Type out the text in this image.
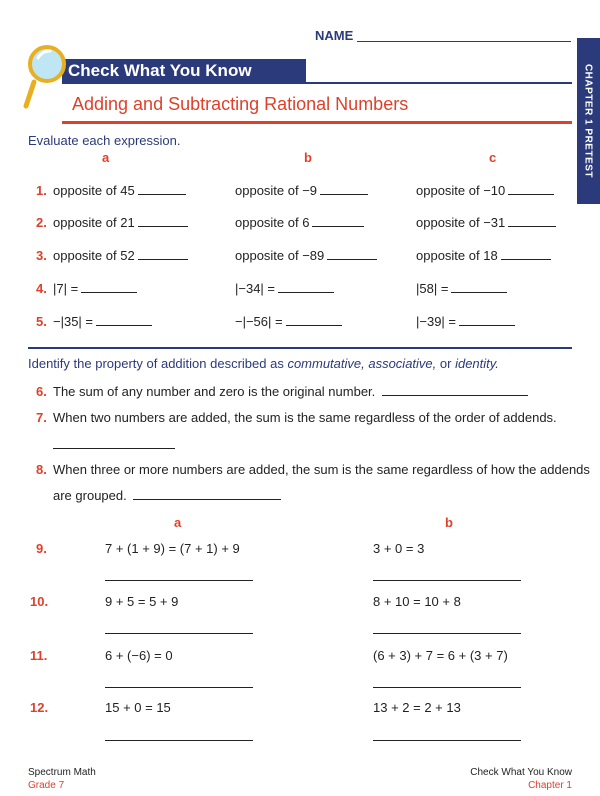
NAME
CHAPTER 1 PRETEST
Check What You Know
Adding and Subtracting Rational Numbers
Evaluate each expression.
a	b	c
1. opposite of 45	opposite of −9	opposite of −10
2. opposite of 21	opposite of 6	opposite of −31
3. opposite of 52	opposite of −89	opposite of 18
4. |7| =	|−34| =	|58| =
5. −|35| =	−|−56| =	|−39| =
Identify the property of addition described as commutative, associative, or identity.
6. The sum of any number and zero is the original number.
7. When two numbers are added, the sum is the same regardless of the order of addends.
8. When three or more numbers are added, the sum is the same regardless of how the addends
are grouped.
a	b
9.	7 + (1 + 9) = (7 + 1) + 9	3 + 0 = 3
10.	9 + 5 = 5 + 9	8 + 10 = 10 + 8
11.	6 + (−6) = 0	(6 + 3) + 7 = 6 + (3 + 7)
12.	15 + 0 = 15	13 + 2 = 2 + 13
Spectrum Math
Grade 7
Check What You Know
Chapter 1
